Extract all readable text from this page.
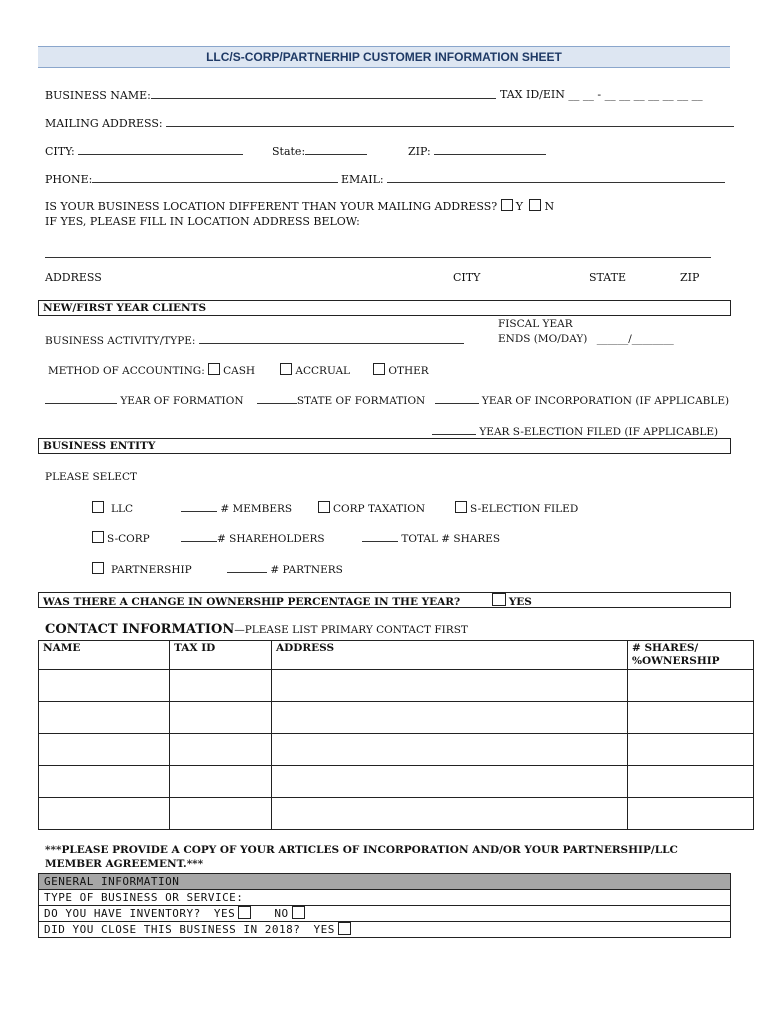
LLC/S-CORP/PARTNERHIP CUSTOMER INFORMATION SHEET
BUSINESS NAME:	TAX ID/EIN __ __ - __ __ __ __ __ __ __
MAILING ADDRESS:
CITY:	State:	ZIP:
PHONE:	EMAIL:
IS YOUR BUSINESS LOCATION DIFFERENT THAN YOUR MAILING ADDRESS? Y N
IF YES, PLEASE FILL IN LOCATION ADDRESS BELOW:
ADDRESS	CITY	STATE	ZIP
NEW/FIRST YEAR CLIENTS
BUSINESS ACTIVITY/TYPE:
FISCAL YEAR
ENDS (MO/DAY) ______/________
METHOD OF ACCOUNTING: CASH	ACCRUAL	OTHER
YEAR OF FORMATION	STATE OF FORMATION	YEAR OF INCORPORATION (IF APPLICABLE)
YEAR S-ELECTION FILED (IF APPLICABLE)
BUSINESS ENTITY
PLEASE SELECT
LLC	# MEMBERS	CORP TAXATION	S-ELECTION FILED
S-CORP	# SHAREHOLDERS	TOTAL # SHARES
PARTNERSHIP	# PARTNERS
WAS THERE A CHANGE IN OWNERSHIP PERCENTAGE IN THE YEAR?	YES
CONTACT INFORMATION—PLEASE LIST PRIMARY CONTACT FIRST
NAME	TAX ID	ADDRESS	# SHARES/
%OWNERSHIP

***PLEASE PROVIDE A COPY OF YOUR ARTICLES OF INCORPORATION AND/OR YOUR PARTNERSHIP/LLC MEMBER AGREEMENT.***
GENERAL INFORMATION
TYPE OF BUSINESS OR SERVICE:
DO YOU HAVE INVENTORY? YES	NO
DID YOU CLOSE THIS BUSINESS IN 2018? YES
